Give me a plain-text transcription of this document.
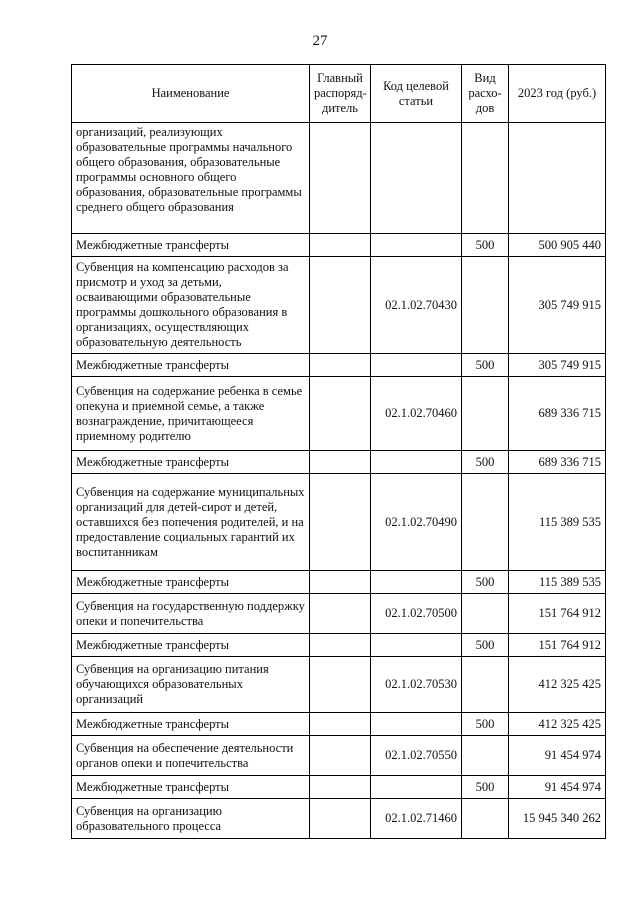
27
Наименование	Главный распоряд-дитель	Код целевой статьи	Вид расхо-дов	2023 год (руб.)
организаций, реализующих образовательные программы начального общего образования, образовательные программы основного общего образования, образовательные программы среднего общего образования				
Межбюджетные трансферты			500	500 905 440
Субвенция на компенсацию расходов за присмотр и уход за детьми, осваивающими образовательные программы дошкольного образования в организациях, осуществляющих образовательную деятельность		02.1.02.70430		305 749 915
Межбюджетные трансферты			500	305 749 915
Субвенция на содержание ребенка в семье опекуна и приемной семье, а также вознаграждение, причитающееся приемному родителю		02.1.02.70460		689 336 715
Межбюджетные трансферты			500	689 336 715
Субвенция на содержание муниципальных организаций для детей-сирот и детей, оставшихся без попечения родителей, и на предоставление социальных гарантий их воспитанникам		02.1.02.70490		115 389 535
Межбюджетные трансферты			500	115 389 535
Субвенция на государственную поддержку опеки и попечительства		02.1.02.70500		151 764 912
Межбюджетные трансферты			500	151 764 912
Субвенция на организацию питания обучающихся образовательных организаций		02.1.02.70530		412 325 425
Межбюджетные трансферты			500	412 325 425
Субвенция на обеспечение деятельности органов опеки и попечительства		02.1.02.70550		91 454 974
Межбюджетные трансферты			500	91 454 974
Субвенция на организацию образовательного процесса		02.1.02.71460		15 945 340 262
